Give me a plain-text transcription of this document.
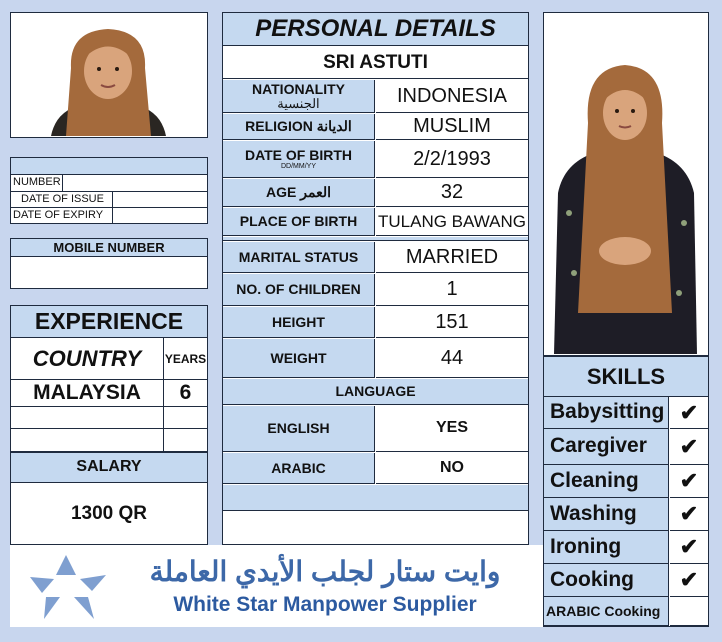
NUMBER
DATE OF ISSUE
DATE OF EXPIRY
MOBILE NUMBER
EXPERIENCE
COUNTRY	YEARS
MALAYSIA	6
SALARY
1300 QR
PERSONAL DETAILS
SRI ASTUTI
NATIONALITY
الجنسية	INDONESIA
RELIGION الديانة	MUSLIM
DATE OF BIRTH
DD/MM/YY	2/2/1993
AGE العمر	32
PLACE OF BIRTH	TULANG BAWANG
MARITAL STATUS	MARRIED
NO. OF CHILDREN	1
HEIGHT	151
WEIGHT	44
LANGUAGE
ENGLISH	YES
ARABIC	NO
SKILLS
Babysitting ✔
Caregiver	✔
Cleaning	✔
Washing	✔
Ironing	✔
Cooking	✔
ARABIC Cooking
وايت ستار لجلب الأيدي العاملة
White Star Manpower Supplier
